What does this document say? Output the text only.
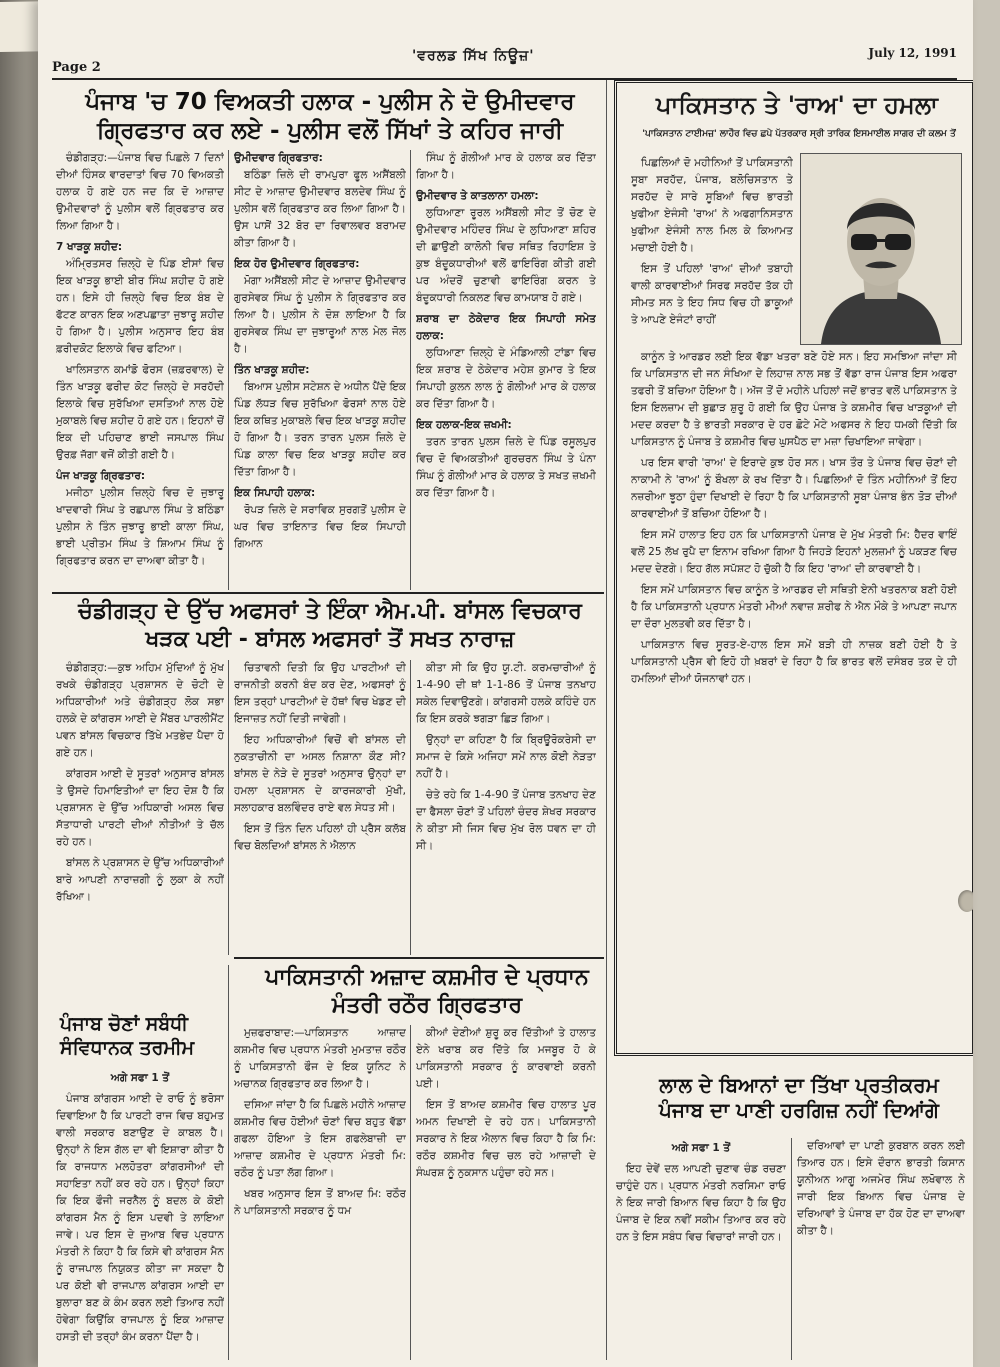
Page 2
'ਵਰਲਡ ਸਿੱਖ ਨਿਊਜ਼'	July 12, 1991
ਪੰਜਾਬ 'ਚ 70 ਵਿਅਕਤੀ ਹਲਾਕ - ਪੁਲੀਸ ਨੇ ਦੋ ਉਮੀਦਵਾਰ ਗ੍ਰਿਫਤਾਰ ਕਰ ਲਏ - ਪੁਲੀਸ ਵਲੋਂ ਸਿੱਖਾਂ ਤੇ ਕਹਿਰ ਜਾਰੀ

ਚੰਡੀਗੜ੍ਹ:—ਪੰਜਾਬ ਵਿਚ ਪਿਛਲੇ 7 ਦਿਨਾਂ ਦੀਆਂ ਹਿੰਸਕ ਵਾਰਦਾਤਾਂ ਵਿਚ 70 ਵਿਅਕਤੀ ਹਲਾਕ ਹੋ ਗਏ ਹਨ ਜਦ ਕਿ ਦੋ ਆਜ਼ਾਦ ਉਮੀਦਵਾਰਾਂ ਨੂੰ ਪੁਲੀਸ ਵਲੋਂ ਗ੍ਰਿਫਤਾਰ ਕਰ ਲਿਆ ਗਿਆ ਹੈ।

7 ਖਾੜਕੂ ਸ਼ਹੀਦ:

ਅੰਮ੍ਰਿਤਸਰ ਜ਼ਿਲ੍ਹੇ ਦੇ ਪਿੰਡ ਈਸਾਂ ਵਿਚ ਇਕ ਖਾੜਕੂ ਭਾਈ ਬੀਰ ਸਿੰਘ ਸ਼ਹੀਦ ਹੋ ਗਏ ਹਨ। ਇਸੇ ਹੀ ਜ਼ਿਲ੍ਹੇ ਵਿਚ ਇਕ ਬੰਬ ਦੇ ਫੱਟਣ ਕਾਰਨ ਇਕ ਅਣਪਛਾਤਾ ਜੁਝਾਰੂ ਸ਼ਹੀਦ ਹੋ ਗਿਆ ਹੈ। ਪੁਲੀਸ ਅਨੁਸਾਰ ਇਹ ਬੰਬ ਫ਼ਰੀਦਕੋਟ ਇਲਾਕੇ ਵਿਚ ਫਟਿਆ।

ਖਾਲਿਸਤਾਨ ਕਮਾਂਡੋ ਫੋਰਸ (ਜ਼ਫ਼ਰਵਾਲ) ਦੇ ਤਿੰਨ ਖਾੜਕੂ ਫਰੀਦ ਕੋਟ ਜ਼ਿਲ੍ਹੇ ਦੇ ਸਰਹੱਦੀ ਇਲਾਕੇ ਵਿਚ ਸੁਰੱਖਿਆ ਦਸਤਿਆਂ ਨਾਲ ਹੋਏ ਮੁਕਾਬਲੇ ਵਿਚ ਸ਼ਹੀਦ ਹੋ ਗਏ ਹਨ। ਇਹਨਾਂ ਚੋਂ ਇਕ ਦੀ ਪਹਿਚਾਣ ਭਾਈ ਜਸਪਾਲ ਸਿੰਘ ਉਰਫ਼ ਜੱਗਾ ਵਜੋਂ ਕੀਤੀ ਗਈ ਹੈ।

ਪੰਜ ਖਾੜਕੂ ਗ੍ਰਿਫਤਾਰ:

ਮਜੀਠਾ ਪੁਲੀਸ ਜ਼ਿਲ੍ਹੇ ਵਿਚ ਦੋ ਜੁਝਾਰੂ ਖਾਦਵਾਰੀ ਸਿੰਘ ਤੇ ਰਛਪਾਲ ਸਿੰਘ ਤੇ ਬਠਿੰਡਾ ਪੁਲੀਸ ਨੇ ਤਿੰਨ ਜੁਝਾਰੂ ਭਾਈ ਕਾਲਾ ਸਿੰਘ, ਭਾਈ ਪ੍ਰੀਤਮ ਸਿੰਘ ਤੇ ਸ਼ਿਆਮ ਸਿੰਘ ਨੂੰ ਗ੍ਰਿਫਤਾਰ ਕਰਨ ਦਾ ਦਾਅਵਾ ਕੀਤਾ ਹੈ।

ਉਮੀਦਵਾਰ ਗ੍ਰਿਫਤਾਰ:

ਬਠਿੰਡਾ ਜ਼ਿਲੇ ਦੀ ਰਾਮਪੁਰਾ ਫੂਲ ਅਸੈਂਬਲੀ ਸੀਟ ਦੇ ਆਜ਼ਾਦ ਉਮੀਦਵਾਰ ਬਲਦੇਵ ਸਿੰਘ ਨੂੰ ਪੁਲੀਸ ਵਲੋਂ ਗ੍ਰਿਫਤਾਰ ਕਰ ਲਿਆ ਗਿਆ ਹੈ। ਉਸ ਪਾਸੋਂ 32 ਬੋਰ ਦਾ ਰਿਵਾਲਵਰ ਬਰਾਮਦ ਕੀਤਾ ਗਿਆ ਹੈ।

ਇਕ ਹੋਰ ਉਮੀਦਵਾਰ ਗ੍ਰਿਫਤਾਰ:

ਮੋਗਾ ਅਸੈਂਬਲੀ ਸੀਟ ਦੇ ਆਜ਼ਾਦ ਉਮੀਦਵਾਰ ਗੁਰਸੇਵਕ ਸਿੰਘ ਨੂੰ ਪੁਲੀਸ ਨੇ ਗ੍ਰਿਫਤਾਰ ਕਰ ਲਿਆ ਹੈ। ਪੁਲੀਸ ਨੇ ਦੋਸ਼ ਲਾਇਆ ਹੈ ਕਿ ਗੁਰਸੇਵਕ ਸਿੰਘ ਦਾ ਜੁਝਾਰੂਆਂ ਨਾਲ ਮੇਲ ਜੋਲ ਹੈ।

ਤਿੰਨ ਖਾੜਕੂ ਸ਼ਹੀਦ:

ਬਿਆਸ ਪੁਲੀਸ ਸਟੇਸ਼ਨ ਦੇ ਅਧੀਨ ਪੈਂਦੇ ਇਕ ਪਿੰਡ ਲੱਧੜ ਵਿਚ ਸੁਰੱਖਿਆ ਫੋਰਸਾਂ ਨਾਲ ਹੋਏ ਇਕ ਕਥਿਤ ਮੁਕਾਬਲੇ ਵਿਚ ਇਕ ਖਾੜਕੂ ਸ਼ਹੀਦ ਹੋ ਗਿਆ ਹੈ। ਤਰਨ ਤਾਰਨ ਪੁਲਸ ਜ਼ਿਲੇ ਦੇ ਪਿੰਡ ਕਾਲਾ ਵਿਚ ਇਕ ਖਾੜਕੂ ਸ਼ਹੀਦ ਕਰ ਦਿੱਤਾ ਗਿਆ ਹੈ।

ਇਕ ਸਿਪਾਹੀ ਹਲਾਕ:

ਰੋਪੜ ਜ਼ਿਲੇ ਦੇ ਸਰਾਵਿਕ ਸੁਰਗਤੋਂ ਪੁਲੀਸ ਦੇ ਘਰ ਵਿਚ ਤਾਇਨਾਤ ਵਿਚ ਇਕ ਸਿਪਾਹੀ ਗਿਆਨ

ਸਿੰਘ ਨੂੰ ਗੋਲੀਆਂ ਮਾਰ ਕੇ ਹਲਾਕ ਕਰ ਦਿੱਤਾ ਗਿਆ ਹੈ।

ਉਮੀਦਵਾਰ ਤੇ ਕਾਤਲਾਨਾ ਹਮਲਾ:

ਲੁਧਿਆਣਾ ਰੂਰਲ ਅਸੈਂਬਲੀ ਸੀਟ ਤੋਂ ਚੋਣ ਦੇ ਉਮੀਦਵਾਰ ਮਹਿੰਦਰ ਸਿੰਘ ਦੇ ਲੁਧਿਆਣਾ ਸ਼ਹਿਰ ਦੀ ਛਾਉਣੀ ਕਾਲੋਨੀ ਵਿਚ ਸਥਿਤ ਰਿਹਾਇਸ਼ ਤੇ ਕੁਝ ਬੰਦੂਕਧਾਰੀਆਂ ਵਲੋਂ ਫਾਇਰਿੰਗ ਕੀਤੀ ਗਈ ਪਰ ਅੰਦਰੋਂ ਚੁਣਾਵੀ ਫਾਇਰਿੰਗ ਕਰਨ ਤੇ ਬੰਦੂਕਧਾਰੀ ਨਿਕਲਣ ਵਿਚ ਕਾਮਯਾਬ ਹੋ ਗਏ।

ਸ਼ਰਾਬ ਦਾ ਠੇਕੇਦਾਰ ਇਕ ਸਿਪਾਹੀ ਸਮੇਤ ਹਲਾਕ:

ਲੁਧਿਆਣਾ ਜ਼ਿਲ੍ਹੇ ਦੇ ਮੰਡਿਆਲੀ ਟਾਂਡਾ ਵਿਚ ਇਕ ਸ਼ਰਾਬ ਦੇ ਠੇਕੇਦਾਰ ਮਹੇਸ਼ ਕੁਮਾਰ ਤੇ ਇਕ ਸਿਪਾਹੀ ਕੁਲਨ ਲਾਲ ਨੂੰ ਗੋਲੀਆਂ ਮਾਰ ਕੇ ਹਲਾਕ ਕਰ ਦਿੱਤਾ ਗਿਆ ਹੈ।

ਇਕ ਹਲਾਕ-ਇਕ ਜ਼ਖਮੀ:

ਤਰਨ ਤਾਰਨ ਪੁਲਸ ਜ਼ਿਲੇ ਦੇ ਪਿੰਡ ਰਸੂਲਪੁਰ ਵਿਚ ਦੋ ਵਿਅਕਤੀਆਂ ਗੁਰਚਰਨ ਸਿੰਘ ਤੇ ਪੰਨਾ ਸਿੰਘ ਨੂੰ ਗੋਲੀਆਂ ਮਾਰ ਕੇ ਹਲਾਕ ਤੇ ਸਖਤ ਜ਼ਖਮੀ ਕਰ ਦਿੱਤਾ ਗਿਆ ਹੈ।

ਚੰਡੀਗੜ੍ਹ ਦੇ ਉੱਚ ਅਫਸਰਾਂ ਤੇ ਇੰਕਾ ਐਮ.ਪੀ. ਬਾਂਸਲ ਵਿਚਕਾਰ ਖੜਕ ਪਈ - ਬਾਂਸਲ ਅਫਸਰਾਂ ਤੋਂ ਸਖਤ ਨਾਰਾਜ਼

ਚੰਡੀਗੜ੍ਹ:—ਕੁਝ ਅਹਿਮ ਮੁੱਦਿਆਂ ਨੂੰ ਮੁੱਖ ਰਖਕੇ ਚੰਡੀਗੜ੍ਹ ਪ੍ਰਸ਼ਾਸਨ ਦੇ ਚੋਟੀ ਦੇ ਅਧਿਕਾਰੀਆਂ ਅਤੇ ਚੰਡੀਗੜ੍ਹ ਲੋਕ ਸਭਾ ਹਲਕੇ ਦੇ ਕਾਂਗਰਸ ਆਈ ਦੇ ਮੈਂਬਰ ਪਾਰਲੀਮੈਂਟ ਪਵਨ ਬਾਂਸਲ ਵਿਚਕਾਰ ਤਿੱਖੇ ਮਤਭੇਦ ਪੈਦਾ ਹੋ ਗਏ ਹਨ।

ਕਾਂਗਰਸ ਆਈ ਦੇ ਸੂਤਰਾਂ ਅਨੁਸਾਰ ਬਾਂਸਲ ਤੇ ਉਸਦੇ ਹਿਮਾਇਤੀਆਂ ਦਾ ਇਹ ਦੋਸ਼ ਹੈ ਕਿ ਪ੍ਰਸ਼ਾਸਨ ਦੇ ਉੱਚ ਅਧਿਕਾਰੀ ਅਸਲ ਵਿਚ ਸੱਤਾਧਾਰੀ ਪਾਰਟੀ ਦੀਆਂ ਨੀਤੀਆਂ ਤੇ ਚੱਲ ਰਹੇ ਹਨ।

ਬਾਂਸਲ ਨੇ ਪ੍ਰਸ਼ਾਸਨ ਦੇ ਉੱਚ ਅਧਿਕਾਰੀਆਂ ਬਾਰੇ ਆਪਣੀ ਨਾਰਾਜ਼ਗੀ ਨੂੰ ਲੁਕਾ ਕੇ ਨਹੀਂ ਰੱਖਿਆ।

ਚਿਤਾਵਨੀ ਦਿਤੀ ਕਿ ਉਹ ਪਾਰਟੀਆਂ ਦੀ ਰਾਜਨੀਤੀ ਕਰਨੀ ਬੰਦ ਕਰ ਦੇਣ, ਅਫਸਰਾਂ ਨੂੰ ਇਸ ਤਰ੍ਹਾਂ ਪਾਰਟੀਆਂ ਦੇ ਹੱਥਾਂ ਵਿਚ ਖੇਡਣ ਦੀ ਇਜਾਜ਼ਤ ਨਹੀਂ ਦਿਤੀ ਜਾਵੇਗੀ।

ਇਹ ਅਧਿਕਾਰੀਆਂ ਵਿਚੋਂ ਵੀ ਬਾਂਸਲ ਦੀ ਨੁਕਤਾਚੀਨੀ ਦਾ ਅਸਲ ਨਿਸ਼ਾਨਾ ਕੌਣ ਸੀ? ਬਾਂਸਲ ਦੇ ਨੇੜੇ ਦੇ ਸੂਤਰਾਂ ਅਨੁਸਾਰ ਉਨ੍ਹਾਂ ਦਾ ਹਮਲਾ ਪ੍ਰਸ਼ਾਸਨ ਦੇ ਕਾਰਜਕਾਰੀ ਮੁੱਖੀ, ਸਲਾਹਕਾਰ ਬਲਵਿੰਦਰ ਰਾਏ ਵਲ ਸੇਧਤ ਸੀ।

ਇਸ ਤੋਂ ਤਿੰਨ ਦਿਨ ਪਹਿਲਾਂ ਹੀ ਪ੍ਰੈਸ ਕਲੱਬ ਵਿਚ ਬੋਲਦਿਆਂ ਬਾਂਸਲ ਨੇ ਐਲਾਨ

ਕੀਤਾ ਸੀ ਕਿ ਉਹ ਯੂ.ਟੀ. ਕਰਮਚਾਰੀਆਂ ਨੂੰ 1-4-90 ਦੀ ਥਾਂ 1-1-86 ਤੋਂ ਪੰਜਾਬ ਤਨਖਾਹ ਸਕੇਲ ਦਿਵਾਉਣਗੇ। ਕਾਂਗਰਸੀ ਹਲਕੇ ਕਹਿੰਦੇ ਹਨ ਕਿ ਇਸ ਕਰਕੇ ਝਗੜਾ ਛਿੜ ਗਿਆ।

ਉਨ੍ਹਾਂ ਦਾ ਕਹਿਣਾ ਹੈ ਕਿ ਬ੍ਰਿਊਰੋਕਰੇਸੀ ਦਾ ਸਮਾਜ ਦੇ ਕਿਸੇ ਅਜਿਹਾ ਸਮੇਂ ਨਾਲ ਕੋਈ ਨੇੜਤਾ ਨਹੀਂ ਹੈ।

ਚੇਤੇ ਰਹੇ ਕਿ 1-4-90 ਤੋਂ ਪੰਜਾਬ ਤਨਖਾਹ ਦੇਣ ਦਾ ਫੈਸਲਾ ਚੋਣਾਂ ਤੋਂ ਪਹਿਲਾਂ ਚੰਦਰ ਸ਼ੇਖਰ ਸਰਕਾਰ ਨੇ ਕੀਤਾ ਸੀ ਜਿਸ ਵਿਚ ਮੁੱਖ ਰੋਲ ਧਵਨ ਦਾ ਹੀ ਸੀ।

ਪੰਜਾਬ ਚੋਣਾਂ ਸਬੰਧੀ ਸੰਵਿਧਾਨਕ ਤਰਮੀਮ

ਅਗੇ ਸਫਾ 1 ਤੋਂ

ਪੰਜਾਬ ਕਾਂਗਰਸ ਆਈ ਦੇ ਰਾਓ ਨੂੰ ਭਰੋਸਾ ਦਿਵਾਇਆ ਹੈ ਕਿ ਪਾਰਟੀ ਰਾਜ ਵਿਚ ਬਹੁਮਤ ਵਾਲੀ ਸਰਕਾਰ ਬਣਾਉਣ ਦੇ ਕਾਬਲ ਹੈ। ਉਨ੍ਹਾਂ ਨੇ ਇਸ ਗੱਲ ਦਾ ਵੀ ਇਸ਼ਾਰਾ ਕੀਤਾ ਹੈ ਕਿ ਰਾਜਧਾਨ ਮਲਹੋਤਰਾ ਕਾਂਗਰਸੀਆਂ ਦੀ ਸਹਾਇਤਾ ਨਹੀਂ ਕਰ ਰਹੇ ਹਨ। ਉਨ੍ਹਾਂ ਕਿਹਾ ਕਿ ਇਕ ਫੌਜੀ ਜਰਨੈਲ ਨੂੰ ਬਦਲ ਕੇ ਕੋਈ ਕਾਂਗਰਸ ਮੈਨ ਨੂੰ ਇਸ ਪਦਵੀ ਤੇ ਲਾਇਆ ਜਾਵੇ। ਪਰ ਇਸ ਦੇ ਜੁਆਬ ਵਿਚ ਪ੍ਰਧਾਨ ਮੰਤਰੀ ਨੇ ਕਿਹਾ ਹੈ ਕਿ ਕਿਸੇ ਵੀ ਕਾਂਗਰਸ ਮੈਨ ਨੂੰ ਰਾਜਪਾਲ ਨਿਯੁਕਤ ਕੀਤਾ ਜਾ ਸਕਦਾ ਹੈ ਪਰ ਕੋਈ ਵੀ ਰਾਜਪਾਲ ਕਾਂਗਰਸ ਆਈ ਦਾ ਬੁਲਾਰਾ ਬਣ ਕੇ ਕੰਮ ਕਰਨ ਲਈ ਤਿਆਰ ਨਹੀਂ ਹੋਵੇਗਾ ਕਿਉਂਕਿ ਰਾਜਪਾਲ ਨੂੰ ਇਕ ਆਜ਼ਾਦ ਹਸਤੀ ਦੀ ਤਰ੍ਹਾਂ ਕੰਮ ਕਰਨਾ ਪੈਂਦਾ ਹੈ।

ਪਾਕਿਸਤਾਨੀ ਅਜ਼ਾਦ ਕਸ਼ਮੀਰ ਦੇ ਪ੍ਰਧਾਨ ਮੰਤਰੀ ਰਠੌਰ ਗ੍ਰਿਫਤਾਰ

ਮੁਜ਼ਫਰਾਬਾਦ:—ਪਾਕਿਸਤਾਨ ਆਜ਼ਾਦ ਕਸ਼ਮੀਰ ਵਿਚ ਪ੍ਰਧਾਨ ਮੰਤਰੀ ਮੁਮਤਾਜ਼ ਰਠੌਰ ਨੂੰ ਪਾਕਿਸਤਾਨੀ ਫੌਜ ਦੇ ਇਕ ਯੂਨਿਟ ਨੇ ਅਚਾਨਕ ਗ੍ਰਿਫਤਾਰ ਕਰ ਲਿਆ ਹੈ।

ਦਸਿਆ ਜਾਂਦਾ ਹੈ ਕਿ ਪਿਛਲੇ ਮਹੀਨੇ ਆਜ਼ਾਦ ਕਸ਼ਮੀਰ ਵਿਚ ਹੋਈਆਂ ਚੋਣਾਂ ਵਿਚ ਬਹੁਤ ਵੱਡਾ ਗਫਲਾ ਹੋਇਆ ਤੇ ਇਸ ਗਫਲੇਬਾਜ਼ੀ ਦਾ ਆਜ਼ਾਦ ਕਸ਼ਮੀਰ ਦੇ ਪ੍ਰਧਾਨ ਮੰਤਰੀ ਮਿ: ਰਠੌਰ ਨੂੰ ਪਤਾ ਲੱਗ ਗਿਆ।

ਖਬਰ ਅਨੁਸਾਰ ਇਸ ਤੋਂ ਬਾਅਦ ਮਿ: ਰਠੌਰ ਨੇ ਪਾਕਿਸਤਾਨੀ ਸਰਕਾਰ ਨੂੰ ਧਮ

ਕੀਆਂ ਦੇਣੀਆਂ ਸ਼ੁਰੂ ਕਰ ਦਿੱਤੀਆਂ ਤੇ ਹਾਲਾਤ ਏਨੇ ਖਰਾਬ ਕਰ ਦਿੱਤੇ ਕਿ ਮਜਬੂਰ ਹੋ ਕੇ ਪਾਕਿਸਤਾਨੀ ਸਰਕਾਰ ਨੂੰ ਕਾਰਵਾਈ ਕਰਨੀ ਪਈ।

ਇਸ ਤੋਂ ਬਾਅਦ ਕਸ਼ਮੀਰ ਵਿਚ ਹਾਲਾਤ ਪੂਰ ਅਮਨ ਦਿਖਾਈ ਦੇ ਰਹੇ ਹਨ। ਪਾਕਿਸਤਾਨੀ ਸਰਕਾਰ ਨੇ ਇਕ ਐਲਾਨ ਵਿਚ ਕਿਹਾ ਹੈ ਕਿ ਮਿ: ਰਠੌਰ ਕਸ਼ਮੀਰ ਵਿਚ ਚਲ ਰਹੇ ਆਜ਼ਾਦੀ ਦੇ ਸੰਘਰਸ਼ ਨੂੰ ਨੁਕਸਾਨ ਪਹੁੰਚਾ ਰਹੇ ਸਨ।

ਪਾਕਿਸਤਾਨ ਤੇ 'ਰਾਅ' ਦਾ ਹਮਲਾ
'ਪਾਕਿਸਤਾਨ ਟਾਈਮਜ਼' ਲਾਹੌਰ ਵਿਚ ਛਪੇ ਪੱਤਰਕਾਰ ਸ੍ਰੀ ਤਾਰਿਕ ਇਸਮਾਈਲ ਸਾਗਰ ਦੀ ਕਲਮ ਤੋਂ

ਪਿਛਲਿਆਂ ਦੋ ਮਹੀਨਿਆਂ ਤੋਂ ਪਾਕਿਸਤਾਨੀ ਸੂਬਾ ਸਰਹੱਦ, ਪੰਜਾਬ, ਬਲੋਚਿਸਤਾਨ ਤੇ ਸਰਹੱਦ ਦੇ ਸਾਰੇ ਸੂਬਿਆਂ ਵਿਚ ਭਾਰਤੀ ਖੁਫੀਆ ਏਜੰਸੀ 'ਰਾਅ' ਨੇ ਅਫਗਾਨਿਸਤਾਨ ਖੁਫੀਆ ਏਜੰਸੀ ਨਾਲ ਮਿਲ ਕੇ ਕਿਆਮਤ ਮਚਾਈ ਹੋਈ ਹੈ।

ਇਸ ਤੋਂ ਪਹਿਲਾਂ 'ਰਾਅ' ਦੀਆਂ ਤਬਾਹੀ ਵਾਲੀ ਕਾਰਵਾਈਆਂ ਸਿਰਫ ਸਰਹੱਦ ਤੱਕ ਹੀ ਸੀਮਤ ਸਨ ਤੇ ਇਹ ਸਿਧ ਵਿਚ ਹੀ ਡਾਕੂਆਂ ਤੇ ਆਪਣੇ ਏਜੰਟਾਂ ਰਾਹੀਂ

ਕਾਨੂੰਨ ਤੇ ਆਰਡਰ ਲਈ ਇਕ ਵੱਡਾ ਖਤਰਾ ਬਣੇ ਹੋਏ ਸਨ। ਇਹ ਸਮਝਿਆ ਜਾਂਦਾ ਸੀ ਕਿ ਪਾਕਿਸਤਾਨ ਦੀ ਜਨ ਸੰਖਿਆ ਦੇ ਲਿਹਾਜ਼ ਨਾਲ ਸਭ ਤੋਂ ਵੱਡਾ ਰਾਜ ਪੰਜਾਬ ਇਸ ਅਫਰਾ ਤਫਰੀ ਤੋਂ ਬਚਿਆ ਹੋਇਆ ਹੈ। ਅੱਜ ਤੋਂ ਦੋ ਮਹੀਨੇ ਪਹਿਲਾਂ ਜਦੋਂ ਭਾਰਤ ਵਲੋਂ ਪਾਕਿਸਤਾਨ ਤੇ ਇਸ ਇਲਜ਼ਾਮ ਦੀ ਬੁਛਾੜ ਸ਼ੁਰੂ ਹੋ ਗਈ ਕਿ ਉਹ ਪੰਜਾਬ ਤੇ ਕਸ਼ਮੀਰ ਵਿਚ ਖਾੜਕੂਆਂ ਦੀ ਮਦਦ ਕਰਦਾ ਹੈ ਤੇ ਭਾਰਤੀ ਸਰਕਾਰ ਦੇ ਹਰ ਛੋਟੇ ਮੋਟੇ ਅਫਸਰ ਨੇ ਇਹ ਧਮਕੀ ਦਿੱਤੀ ਕਿ ਪਾਕਿਸਤਾਨ ਨੂੰ ਪੰਜਾਬ ਤੇ ਕਸ਼ਮੀਰ ਵਿਚ ਘੁਸਪੈਠ ਦਾ ਮਜ਼ਾ ਚਿਖਾਇਆ ਜਾਵੇਗਾ।

ਪਰ ਇਸ ਵਾਰੀ 'ਰਾਅ' ਦੇ ਇਰਾਦੇ ਕੁਝ ਹੋਰ ਸਨ। ਖਾਸ ਤੌਰ ਤੇ ਪੰਜਾਬ ਵਿਚ ਚੋਣਾਂ ਦੀ ਨਾਕਾਮੀ ਨੇ 'ਰਾਅ' ਨੂੰ ਬੌਖਲਾ ਕੇ ਰਖ ਦਿੱਤਾ ਹੈ। ਪਿਛਲਿਆਂ ਦੋ ਤਿੰਨ ਮਹੀਨਿਆਂ ਤੋਂ ਇਹ ਨਜ਼ਰੀਆ ਝੂਠਾ ਹੁੰਦਾ ਦਿਖਾਈ ਦੇ ਰਿਹਾ ਹੈ ਕਿ ਪਾਕਿਸਤਾਨੀ ਸੂਬਾ ਪੰਜਾਬ ਭੰਨ ਤੋੜ ਦੀਆਂ ਕਾਰਵਾਈਆਂ ਤੋਂ ਬਚਿਆ ਹੋਇਆ ਹੈ।

ਇਸ ਸਮੇਂ ਹਾਲਾਤ ਇਹ ਹਨ ਕਿ ਪਾਕਿਸਤਾਨੀ ਪੰਜਾਬ ਦੇ ਮੁੱਖ ਮੰਤਰੀ ਮਿ: ਹੈਦਰ ਵਾਇੰ ਵਲੋਂ 25 ਲੱਖ ਰੁਪੈ ਦਾ ਇਨਾਮ ਰਖਿਆ ਗਿਆ ਹੈ ਜਿਹੜੇ ਇਹਨਾਂ ਮੁਲਜ਼ਮਾਂ ਨੂੰ ਪਕੜਣ ਵਿਚ ਮਦਦ ਦੇਣਗੇ। ਇਹ ਗੱਲ ਸਪੱਸ਼ਟ ਹੋ ਚੁੱਕੀ ਹੈ ਕਿ ਇਹ 'ਰਾਅ' ਦੀ ਕਾਰਵਾਈ ਹੈ।

ਇਸ ਸਮੇਂ ਪਾਕਿਸਤਾਨ ਵਿਚ ਕਾਨੂੰਨ ਤੇ ਆਰਡਰ ਦੀ ਸਥਿਤੀ ਏਨੀ ਖਤਰਨਾਕ ਬਣੀ ਹੋਈ ਹੈ ਕਿ ਪਾਕਿਸਤਾਨੀ ਪ੍ਰਧਾਨ ਮੰਤਰੀ ਮੀਆਂ ਨਵਾਜ਼ ਸ਼ਰੀਫ ਨੇ ਐਨ ਮੌਕੇ ਤੇ ਆਪਣਾ ਜਪਾਨ ਦਾ ਦੌਰਾ ਮੁਲਤਵੀ ਕਰ ਦਿੱਤਾ ਹੈ।

ਪਾਕਿਸਤਾਨ ਵਿਚ ਸੂਰਤ-ਏ-ਹਾਲ ਇਸ ਸਮੇਂ ਬੜੀ ਹੀ ਨਾਜ਼ਕ ਬਣੀ ਹੋਈ ਹੈ ਤੇ ਪਾਕਿਸਤਾਨੀ ਪ੍ਰੈਸ ਵੀ ਇਹੋ ਹੀ ਖ਼ਬਰਾਂ ਦੇ ਰਿਹਾ ਹੈ ਕਿ ਭਾਰਤ ਵਲੋਂ ਦਸੰਬਰ ਤਕ ਦੇ ਹੀ ਹਮਲਿਆਂ ਦੀਆਂ ਯੋਜਨਾਵਾਂ ਹਨ।

ਲਾਲ ਦੇ ਬਿਆਨਾਂ ਦਾ ਤਿੱਖਾ ਪ੍ਰਤੀਕਰਮ ਪੰਜਾਬ ਦਾ ਪਾਣੀ ਹਰਗਿਜ਼ ਨਹੀਂ ਦਿਆਂਗੇ

ਅਗੇ ਸਫਾ 1 ਤੋਂ

ਇਹ ਦੇਵੇਂ ਦਲ ਆਪਣੀ ਚੁਣਾਵ ਚੰਡ ਰਚਣਾ ਚਾਹੁੰਦੇ ਹਨ। ਪ੍ਰਧਾਨ ਮੰਤਰੀ ਨਰਸਿਮਾ ਰਾਓ ਨੇ ਇਕ ਜਾਰੀ ਬਿਆਨ ਵਿਚ ਕਿਹਾ ਹੈ ਕਿ ਉਹ ਪੰਜਾਬ ਦੇ ਇਕ ਨਵੀਂ ਸਕੀਮ ਤਿਆਰ ਕਰ ਰਹੇ ਹਨ ਤੇ ਇਸ ਸਬੰਧ ਵਿਚ ਵਿਚਾਰਾਂ ਜਾਰੀ ਹਨ।

ਦਰਿਆਵਾਂ ਦਾ ਪਾਣੀ ਕੁਰਬਾਨ ਕਰਨ ਲਈ ਤਿਆਰ ਹਨ। ਇਸੇ ਦੌਰਾਨ ਭਾਰਤੀ ਕਿਸਾਨ ਯੂਨੀਅਨ ਆਗੂ ਅਜਮੇਰ ਸਿੰਘ ਲਖੋਵਾਲ ਨੇ ਜਾਰੀ ਇਕ ਬਿਆਨ ਵਿਚ ਪੰਜਾਬ ਦੇ ਦਰਿਆਵਾਂ ਤੇ ਪੰਜਾਬ ਦਾ ਹੱਕ ਹੋਣ ਦਾ ਦਾਅਵਾ ਕੀਤਾ ਹੈ।
